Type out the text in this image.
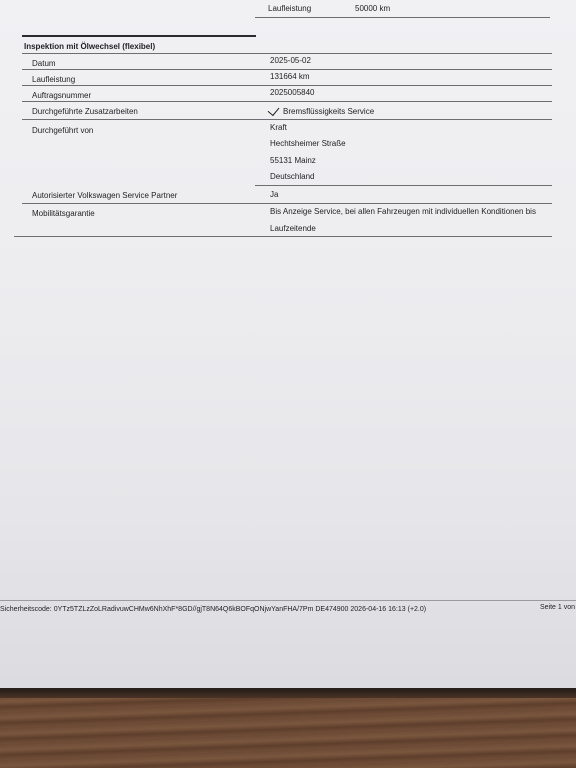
Laufleistung	50000 km
Inspektion mit Ölwechsel (flexibel)
Datum	2025-05-02
Laufleistung	131664 km
Auftragsnummer	2025005840
Durchgeführte Zusatzarbeiten	Bremsflüssigkeits Service
Durchgeführt von	Kraft
Hechtsheimer Straße
55131 Mainz
Deutschland
Autorisierter Volkswagen Service Partner	Ja
Mobilitätsgarantie	Bis Anzeige Service, bei allen Fahrzeugen mit individuellen Konditionen bis
Laufzeitende
Sicherheitscode: 0YTz5TZLzZoLRadivuwCHMw6NhXhF*8GD//gjT8N64Q6kBOFqONjwYanFHA/7Pm DE474900 2026-04-16 16:13 (+2.0)	Seite 1 von
